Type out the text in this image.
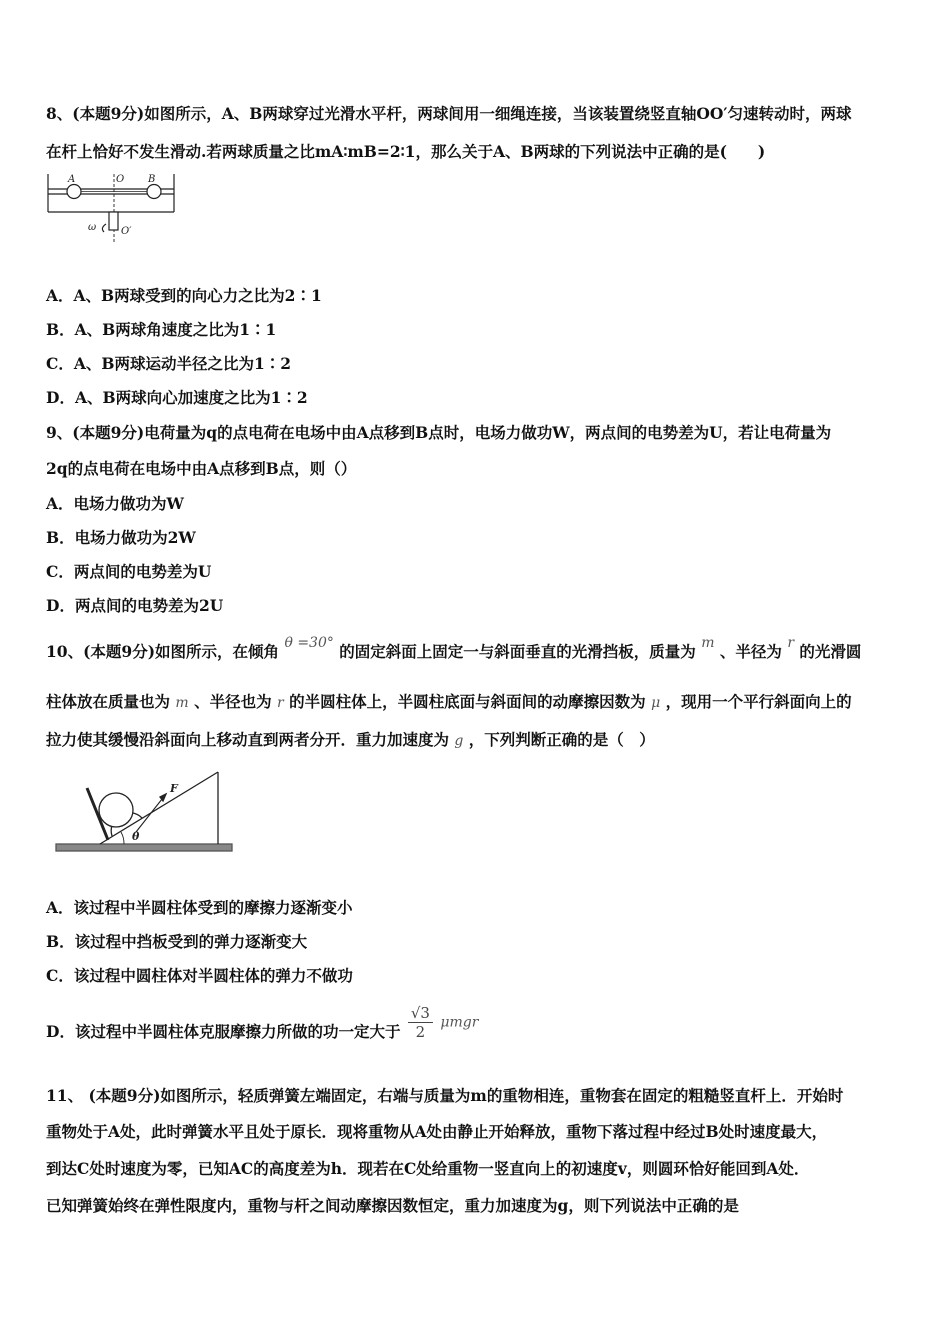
8、(本题9分)如图所示，A、B两球穿过光滑水平杆，两球间用一细绳连接，当该装置绕竖直轴OO′匀速转动时，两球
在杆上恰好不发生滑动.若两球质量之比mA∶mB=2∶1，那么关于A、B两球的下列说法中正确的是(　　)
A	O B
ω O′
A．A、B两球受到的向心力之比为2∶1
B．A、B两球角速度之比为1∶1
C．A、B两球运动半径之比为1∶2
D．A、B两球向心加速度之比为1∶2
9、(本题9分)电荷量为q的点电荷在电场中由A点移到B点时，电场力做功W，两点间的电势差为U，若让电荷量为
2q的点电荷在电场中由A点移到B点，则（）
A．电场力做功为W
B．电场力做功为2W
C．两点间的电势差为U
D．两点间的电势差为2U
10、(本题9分)如图所示，在倾角 θ =30° 的固定斜面上固定一与斜面垂直的光滑挡板，质量为 m 、半径为 r 的光滑圆
柱体放在质量也为 m 、半径也为 r 的半圆柱体上，半圆柱底面与斜面间的动摩擦因数为 μ ，现用一个平行斜面向上的
拉力使其缓慢沿斜面向上移动直到两者分开．重力加速度为 g ，下列判断正确的是（　）
F
θ
A．该过程中半圆柱体受到的摩擦力逐渐变小
B．该过程中挡板受到的弹力逐渐变大
C．该过程中圆柱体对半圆柱体的弹力不做功
D．该过程中半圆柱体克服摩擦力所做的功一定大于 $\frac{√3}{2}$ μmgr
11、 (本题9分)如图所示，轻质弹簧左端固定，右端与质量为m的重物相连，重物套在固定的粗糙竖直杆上．开始时
重物处于A处，此时弹簧水平且处于原长．现将重物从A处由静止开始释放，重物下落过程中经过B处时速度最大，
到达C处时速度为零，已知AC的高度差为h．现若在C处给重物一竖直向上的初速度v，则圆环恰好能回到A处．
已知弹簧始终在弹性限度内，重物与杆之间动摩擦因数恒定，重力加速度为g，则下列说法中正确的是
